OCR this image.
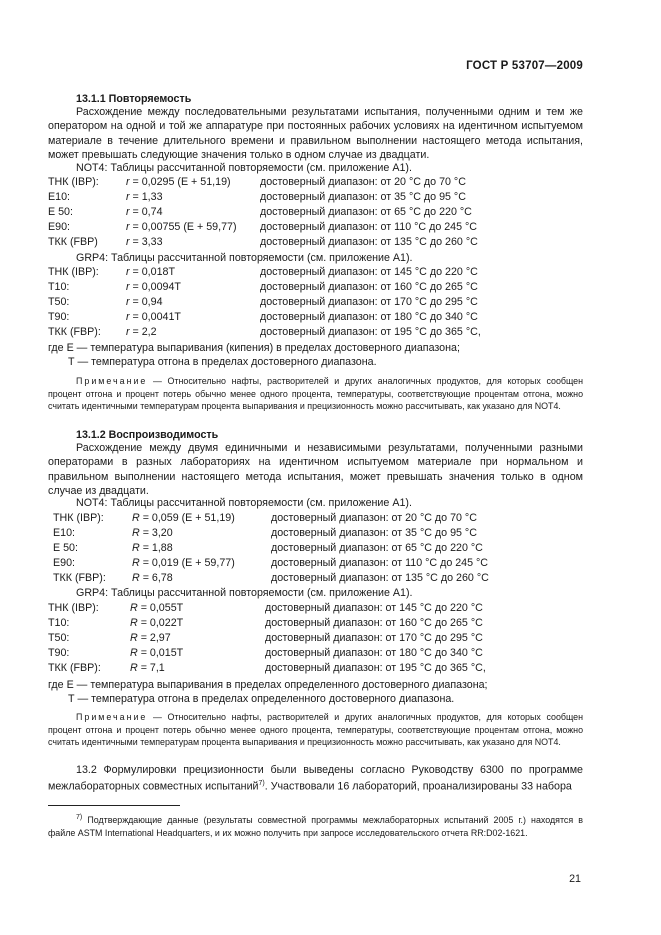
ГОСТ Р 53707—2009
13.1.1 Повторяемость
Расхождение между последовательными результатами испытания, полученными одним и тем же оператором на одной и той же аппаратуре при постоянных рабочих условиях на идентичном испытуемом материале в течение длительного времени и правильном выполнении настоящего метода испытания, может превышать следующие значения только в одном случае из двадцати.
NOT4: Таблицы рассчитанной повторяемости (см. приложение А1).
ТНК (IBP):	r = 0,0295 (E + 51,19)	достоверный диапазон: от 20 °C до 70 °C
Е10:	r = 1,33	достоверный диапазон: от 35 °C до 95 °C
Е 50:	r = 0,74	достоверный диапазон: от 65 °C до 220 °C
Е90:	r = 0,00755 (E + 59,77) достоверный диапазон: от 110 °C до 245 °C
ТКК (FBP)	r = 3,33	достоверный диапазон: от 135 °C до 260 °C
GRP4: Таблицы рассчитанной повторяемости (см. приложение А1).
ТНК (IBP):	r = 0,018T	достоверный диапазон: от 145 °C до 220 °C
Т10:	r = 0,0094T	достоверный диапазон: от 160 °C до 265 °C
Т50:	r = 0,94	достоверный диапазон: от 170 °C до 295 °C
Т90:	r = 0,0041T	достоверный диапазон: от 180 °C до 340 °C
ТКК (FBP): r = 2,2	достоверный диапазон: от 195 °C до 365 °C,
где Е — температура выпаривания (кипения) в пределах достоверного диапазона;
Т — температура отгона в пределах достоверного диапазона.
Примечание — Относительно нафты, растворителей и других аналогичных продуктов, для которых сообщен процент отгона и процент потерь обычно менее одного процента, температуры, соответствующие процентам отгона, можно считать идентичными температурам процента выпаривания и прецизионность можно рассчитывать, как указано для NOT4.
13.1.2 Воспроизводимость
Расхождение между двумя единичными и независимыми результатами, полученными разными операторами в разных лабораториях на идентичном испытуемом материале при нормальном и правильном выполнении настоящего метода испытания, может превышать значения только в одном случае из двадцати.
NOT4: Таблицы рассчитанной повторяемости (см. приложение А1).
ТНК (IBP):	R = 0,059 (E + 51,19)	достоверный диапазон: от 20 °C до 70 °C
Е10:	R = 3,20	достоверный диапазон: от 35 °C до 95 °C
Е 50:	R = 1,88	достоверный диапазон: от 65 °C до 220 °C
Е90:	R = 0,019 (E + 59,77)	достоверный диапазон: от 110 °C до 245 °C
ТКК (FBP): R = 6,78	достоверный диапазон: от 135 °C до 260 °C
GRP4: Таблицы рассчитанной повторяемости (см. приложение А1).
ТНК (IBP):	R = 0,055T	достоверный диапазон: от 145 °C до 220 °C
Т10:	R = 0,022T	достоверный диапазон: от 160 °C до 265 °C
Т50:	R = 2,97	достоверный диапазон: от 170 °C до 295 °C
Т90:	R = 0,015T	достоверный диапазон: от 180 °C до 340 °C
ТКК (FBP):	R = 7,1	достоверный диапазон: от 195 °C до 365 °C,
где Е — температура выпаривания в пределах определенного достоверного диапазона;
Т — температура отгона в пределах определенного достоверного диапазона.
Примечание — Относительно нафты, растворителей и других аналогичных продуктов, для которых сообщен процент отгона и процент потерь обычно менее одного процента, температуры, соответствующие процентам отгона, можно считать идентичными температурам процента выпаривания и прецизионность можно рассчитывать, как указано для NOT4.
13.2 Формулировки прецизионности были выведены согласно Руководству 6300 по программе межлабораторных совместных испытаний$^{7)}$. Участвовали 16 лабораторий, проанализированы 33 набора
$^{7)}$ Подтверждающие данные (результаты совместной программы межлабораторных испытаний 2005 г.) находятся в файле ASTM International Headquarters, и их можно получить при запросе исследовательского отчета RR:D02-1621.
21
